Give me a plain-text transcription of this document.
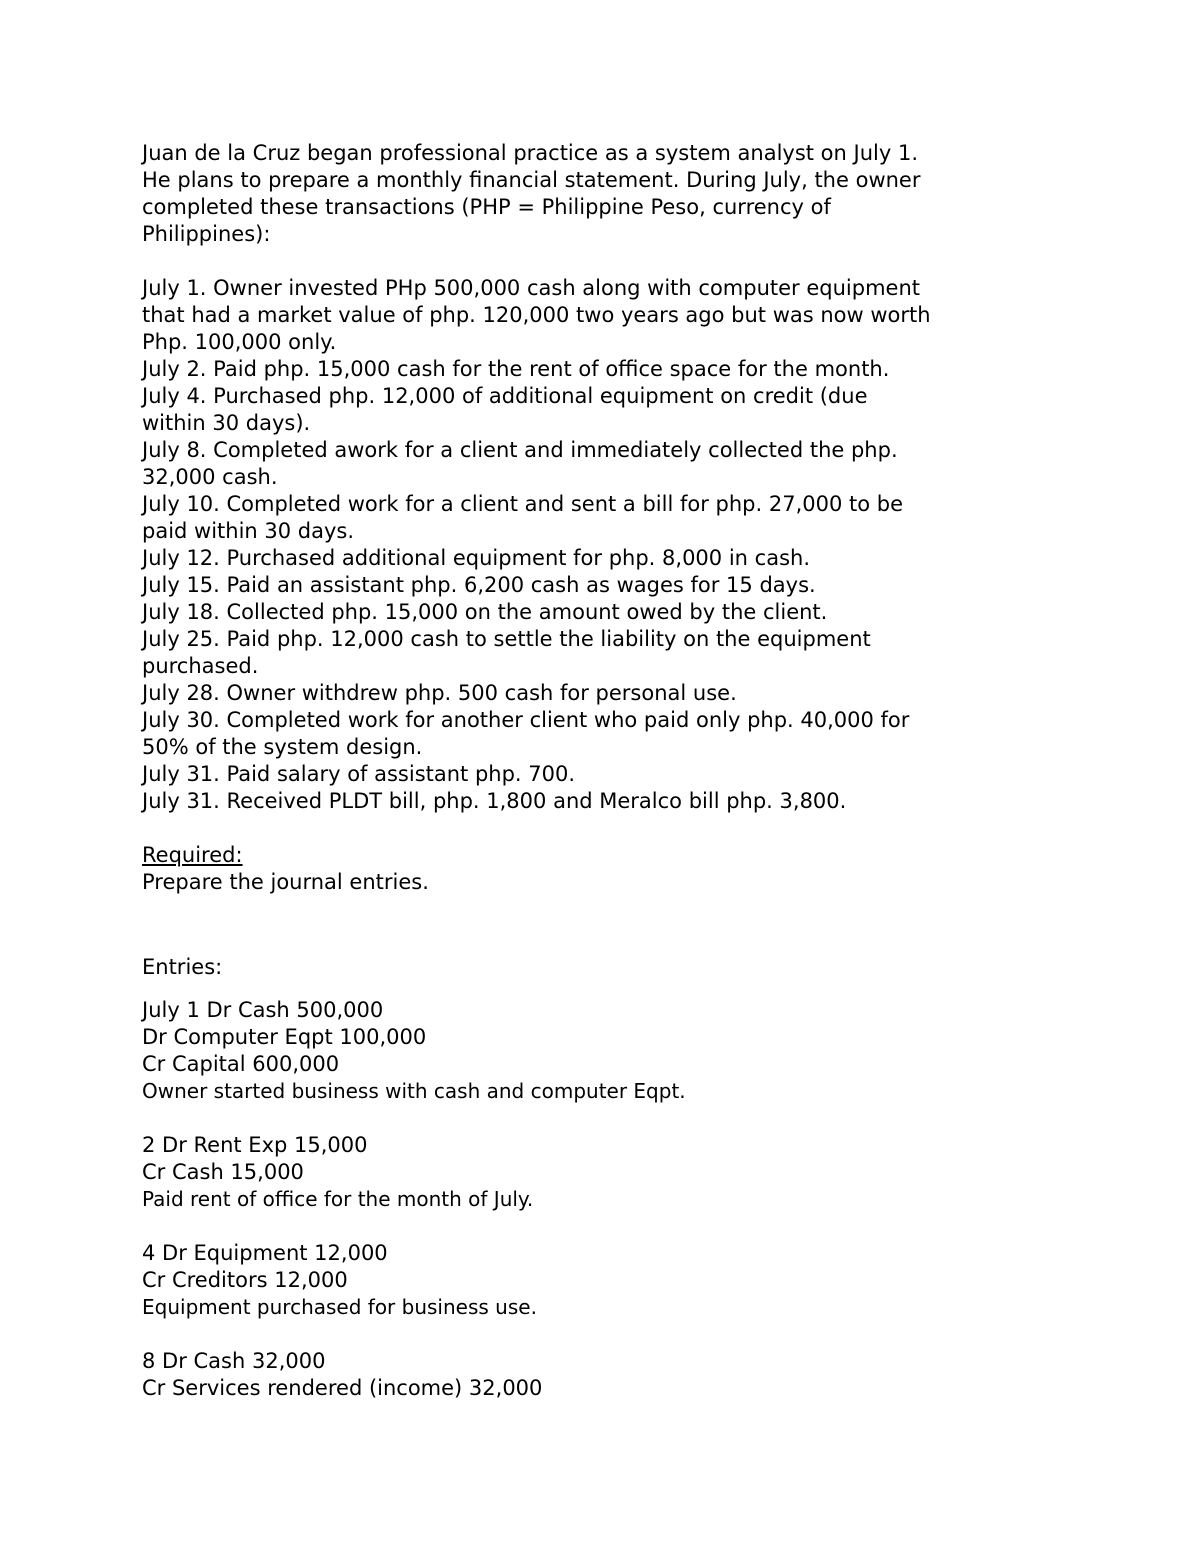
Juan de la Cruz began professional practice as a system analyst on July 1.

He plans to prepare a monthly financial statement. During July, the owner

completed these transactions (PHP = Philippine Peso, currency of

Philippines):

July 1. Owner invested PHp 500,000 cash along with computer equipment

that had a market value of php. 120,000 two years ago but was now worth

Php. 100,000 only.

July 2. Paid php. 15,000 cash for the rent of office space for the month.

July 4. Purchased php. 12,000 of additional equipment on credit (due

within 30 days).

July 8. Completed awork for a client and immediately collected the php.

32,000 cash.

July 10. Completed work for a client and sent a bill for php. 27,000 to be

paid within 30 days.

July 12. Purchased additional equipment for php. 8,000 in cash.

July 15. Paid an assistant php. 6,200 cash as wages for 15 days.

July 18. Collected php. 15,000 on the amount owed by the client.

July 25. Paid php. 12,000 cash to settle the liability on the equipment

purchased.

July 28. Owner withdrew php. 500 cash for personal use.

July 30. Completed work for another client who paid only php. 40,000 for

50% of the system design.

July 31. Paid salary of assistant php. 700.

July 31. Received PLDT bill, php. 1,800 and Meralco bill php. 3,800.

Required:

Prepare the journal entries.

Entries:

July 1 Dr Cash 500,000

Dr Computer Eqpt 100,000

Cr Capital 600,000

Owner started business with cash and computer Eqpt.

2 Dr Rent Exp 15,000

Cr Cash 15,000

Paid rent of office for the month of July.

4 Dr Equipment 12,000

Cr Creditors 12,000

Equipment purchased for business use.

8 Dr Cash 32,000

Cr Services rendered (income) 32,000
